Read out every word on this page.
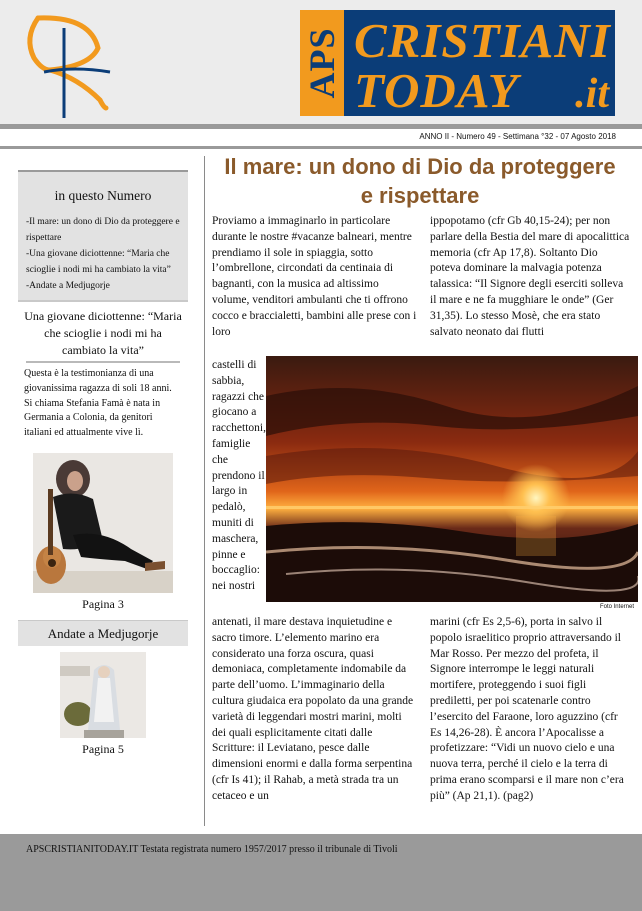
APS CRISTIANI
TODAY .it
ANNO II - Numero 49 - Settimana °32 - 07 Agosto 2018
in questo Numero
-Il mare: un dono di Dio da proteggere e rispettare
-Una giovane diciottenne: “Maria che scioglie i nodi mi ha cambiato la vita”
-Andate a Medjugorje
Una giovane diciottenne: “Maria che scioglie i nodi mi ha cambiato la vita”
Questa è la testimonianza di una giovanissima ragazza di soli 18 anni. Si chiama Stefania Famà è nata in Germania a Colonia, da genitori italiani ed attualmente vive lì.
Pagina 3
Andate a Medjugorje
Pagina 5
Il mare: un dono di Dio da proteggere e rispettare
Proviamo a immaginarlo in particolare durante le nostre #vacanze balneari, mentre prendiamo il sole in spiaggia, sotto l’ombrellone, circondati da centinaia di bagnanti, con la musica ad altissimo volume, venditori ambulanti che ti offrono cocco e braccialetti, bambini alle prese con i loro
castelli di sabbia, ragazzi che giocano a racchettoni, famiglie che prendono il largo in pedalò, muniti di maschera, pinne e boccaglio: nei nostri
antenati, il mare destava inquietudine e sacro timore. L’elemento marino era considerato una forza oscura, quasi demoniaca, completamente indomabile da parte dell’uomo. L’immaginario della cultura giudaica era popolato da una grande varietà di leggendari mostri marini, molti dei quali esplicitamente citati dalle Scritture: il Leviatano, pesce dalle dimensioni enormi e dalla forma serpentina (cfr Is 41); il Rahab, a metà strada tra un cetaceo e un
ippopotamo (cfr Gb 40,15-24); per non parlare della Bestia del mare di apocalittica memoria (cfr Ap 17,8). Soltanto Dio poteva dominare la malvagia potenza talassica: “Il Signore degli eserciti solleva il mare e ne fa mugghiare le onde” (Ger 31,35). Lo stesso Mosè, che era stato salvato neonato dai flutti
marini (cfr Es 2,5-6), porta in salvo il popolo israelitico proprio attraversando il Mar Rosso. Per mezzo del profeta, il Signore interrompe le leggi naturali mortifere, proteggendo i suoi figli prediletti, per poi scatenarle contro l’esercito del Faraone, loro aguzzino (cfr Es 14,26-28). È ancora l’Apocalisse a profetizzare: “Vidi un nuovo cielo e una nuova terra, perché il cielo e la terra di prima erano scomparsi e il mare non c’era più” (Ap 21,1). (pag2)
Foto Internet
APSCRISTIANITODAY.IT Testata registrata numero 1957/2017 presso il tribunale di Tivoli
